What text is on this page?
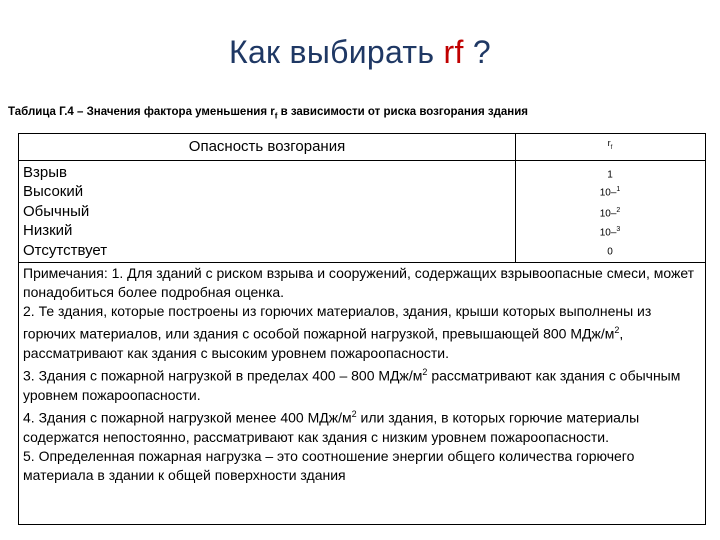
Как выбирать rf ?
Таблица Г.4 – Значения фактора уменьшения $r_f$ в зависимости от риска возгорания здания
Опасность возгорания	$r_f$
Взрыв	1
Высокий	10–$^1$
Обычный	10–$^2$
Низкий	10–$^3$
Отсутствует	0

Примечания: 1. Для зданий с риском взрыва и сооружений, содержащих взрывоопасные смеси, может понадобиться более подробная оценка.

2. Те здания, которые построены из горючих материалов, здания, крыши которых выполнены из горючих материалов, или здания с особой пожарной нагрузкой, превышающей 800 МДж/$м^2$, рассматривают как здания с высоким уровнем пожароопасности.

3. Здания с пожарной нагрузкой в пределах 400 – 800 МДж/$м^2$ рассматривают как здания с обычным уровнем пожароопасности.

4. Здания с пожарной нагрузкой менее 400 МДж/$м^2$ или здания, в которых горючие материалы содержатся непостоянно, рассматривают как здания с низким уровнем пожароопасности.

5. Определенная пожарная нагрузка – это соотношение энергии общего количества горючего материала в здании к общей поверхности здания
